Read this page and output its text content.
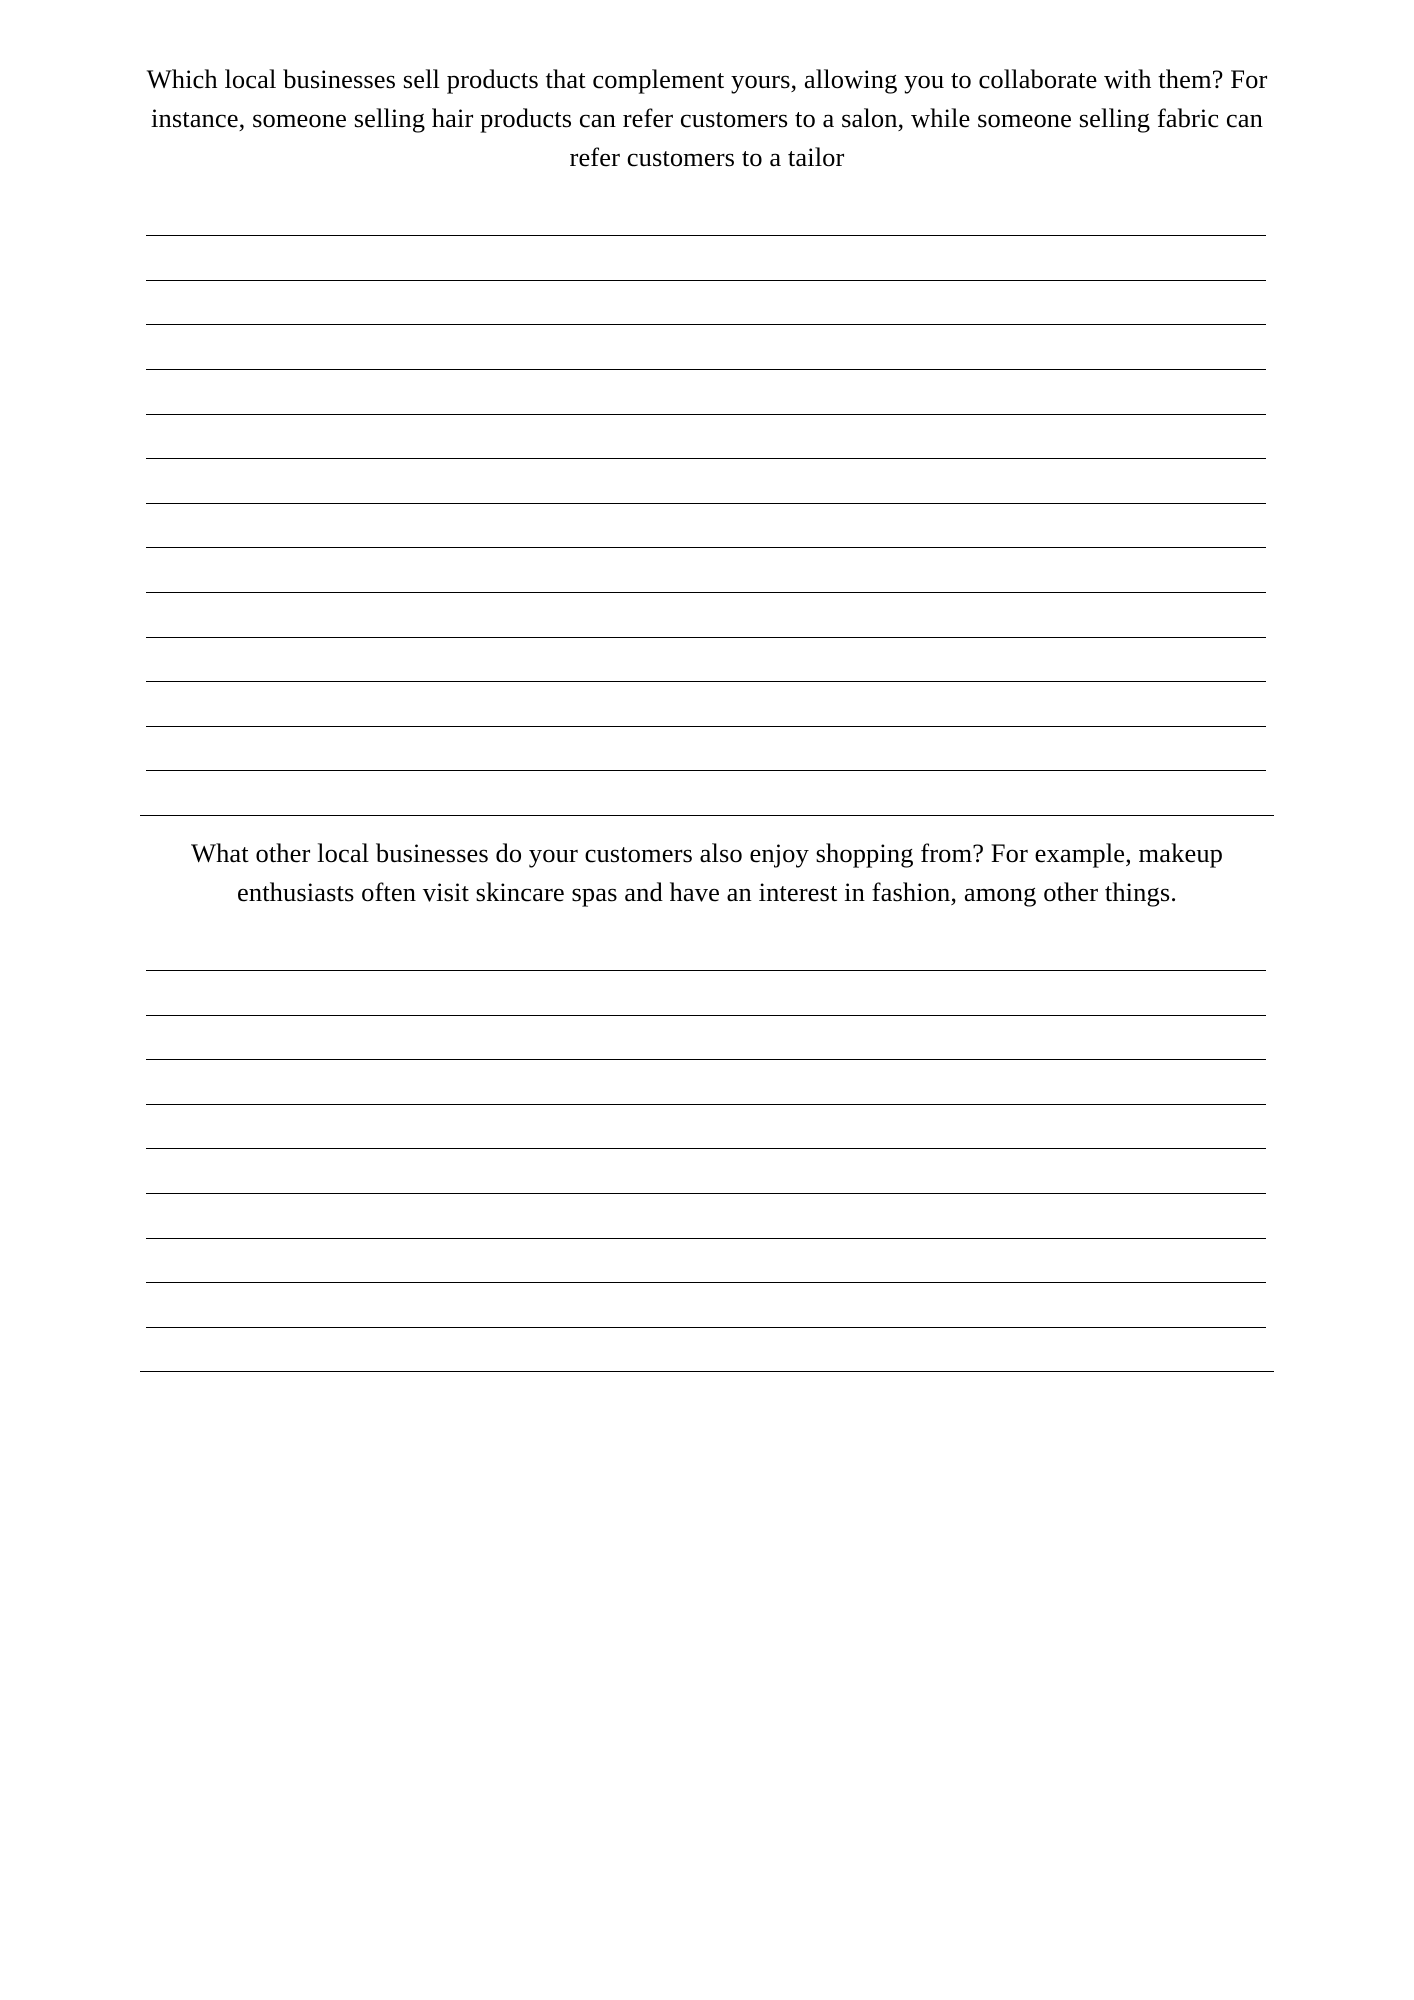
Which local businesses sell products that complement yours, allowing you to collaborate with them? For instance, someone selling hair products can refer customers to a salon, while someone selling fabric can refer customers to a tailor

What other local businesses do your customers also enjoy shopping from? For example, makeup enthusiasts often visit skincare spas and have an interest in fashion, among other things.
